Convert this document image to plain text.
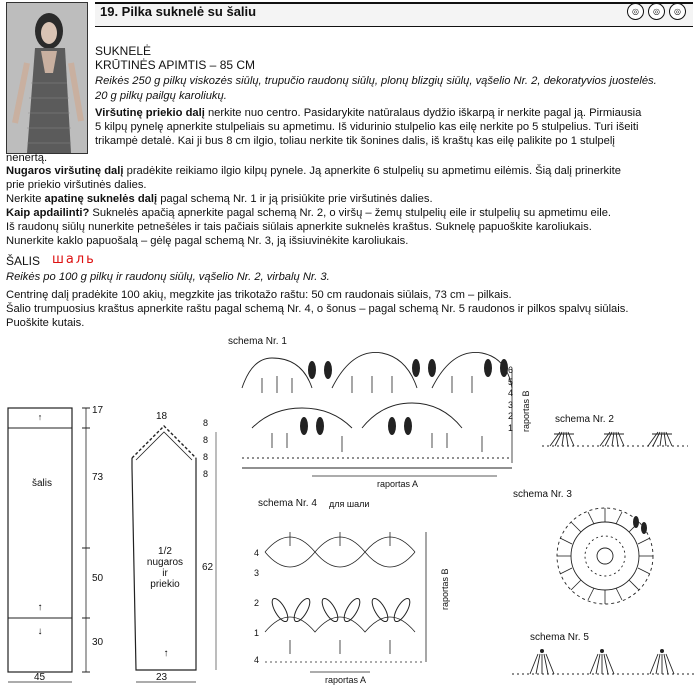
19. Pilka suknelė su šaliu	◎	◎	◎
SUKNELĖ
KRŪTINĖS APIMTIS – 85 CM
Reikės 250 g pilkų viskozės siūlų, trupučio raudonų siūlų, plonų blizgių siūlų, vąšelio Nr. 2, dekoratyvios juostelės.
20 g pilkų pailgų karoliukų.
Viršutinę priekio dalį nerkite nuo centro. Pasidarykite natūralaus dydžio iškarpą ir nerkite pagal ją. Pirmiausia
5 kilpų pynelę apnerkite stulpeliais su apmetimu. Iš vidurinio stulpelio kas eilę nerkite po 5 stulpelius. Turi išeiti
trikampė detalė. Kai ji bus 8 cm ilgio, toliau nerkite tik šonines dalis, iš kraštų kas eilę palikite po 1 stulpelį
nenertą.
Nugaros viršutinę dalį pradėkite reikiamo ilgio kilpų pynele. Ją apnerkite 6 stulpelių su apmetimu eilėmis. Šią dalį prinerkite
prie priekio viršutinės dalies.
Nerkite apatinę suknelės dalį pagal schemą Nr. 1 ir ją prisiūkite prie viršutinės dalies.
Kaip apdailinti? Suknelės apačią apnerkite pagal schemą Nr. 2, o viršų – žemų stulpelių eile ir stulpelių su apmetimu eile.
Iš raudonų siūlų nunerkite petnešėles ir tais pačiais siūlais apnerkite suknelės kraštus. Suknelę papuoškite karoliukais.
Nunerkite kaklo papuošalą – gėlę pagal schemą Nr. 3, ją išsiuvinėkite karoliukais.
ŠALIS шаль
Reikės po 100 g pilkų ir raudonų siūlų, vąšelio Nr. 2, virbalų Nr. 3.
Centrinę dalį pradėkite 100 akių, megzkite jas trikotažo raštu: 50 cm raudonais siūlais, 73 cm – pilkais.
Šalio trumpuosius kraštus apnerkite raštu pagal schemą Nr. 4, o šonus – pagal schemą Nr. 5 raudonos ir pilkos spalvų siūlais.
Puoškite kutais.
↑
↑
↓
šalis
17
73
50
30
45
↑
18
8
8
8
8
62
23
1/2
nugaros
ir
priekio
schema Nr. 1
6
5
4
3
2
1 raportas B
raportas A
schema Nr. 2
schema Nr. 3
schema Nr. 4 для шали
4
3
2
1
4
raportas B
raportas A
schema Nr. 5
